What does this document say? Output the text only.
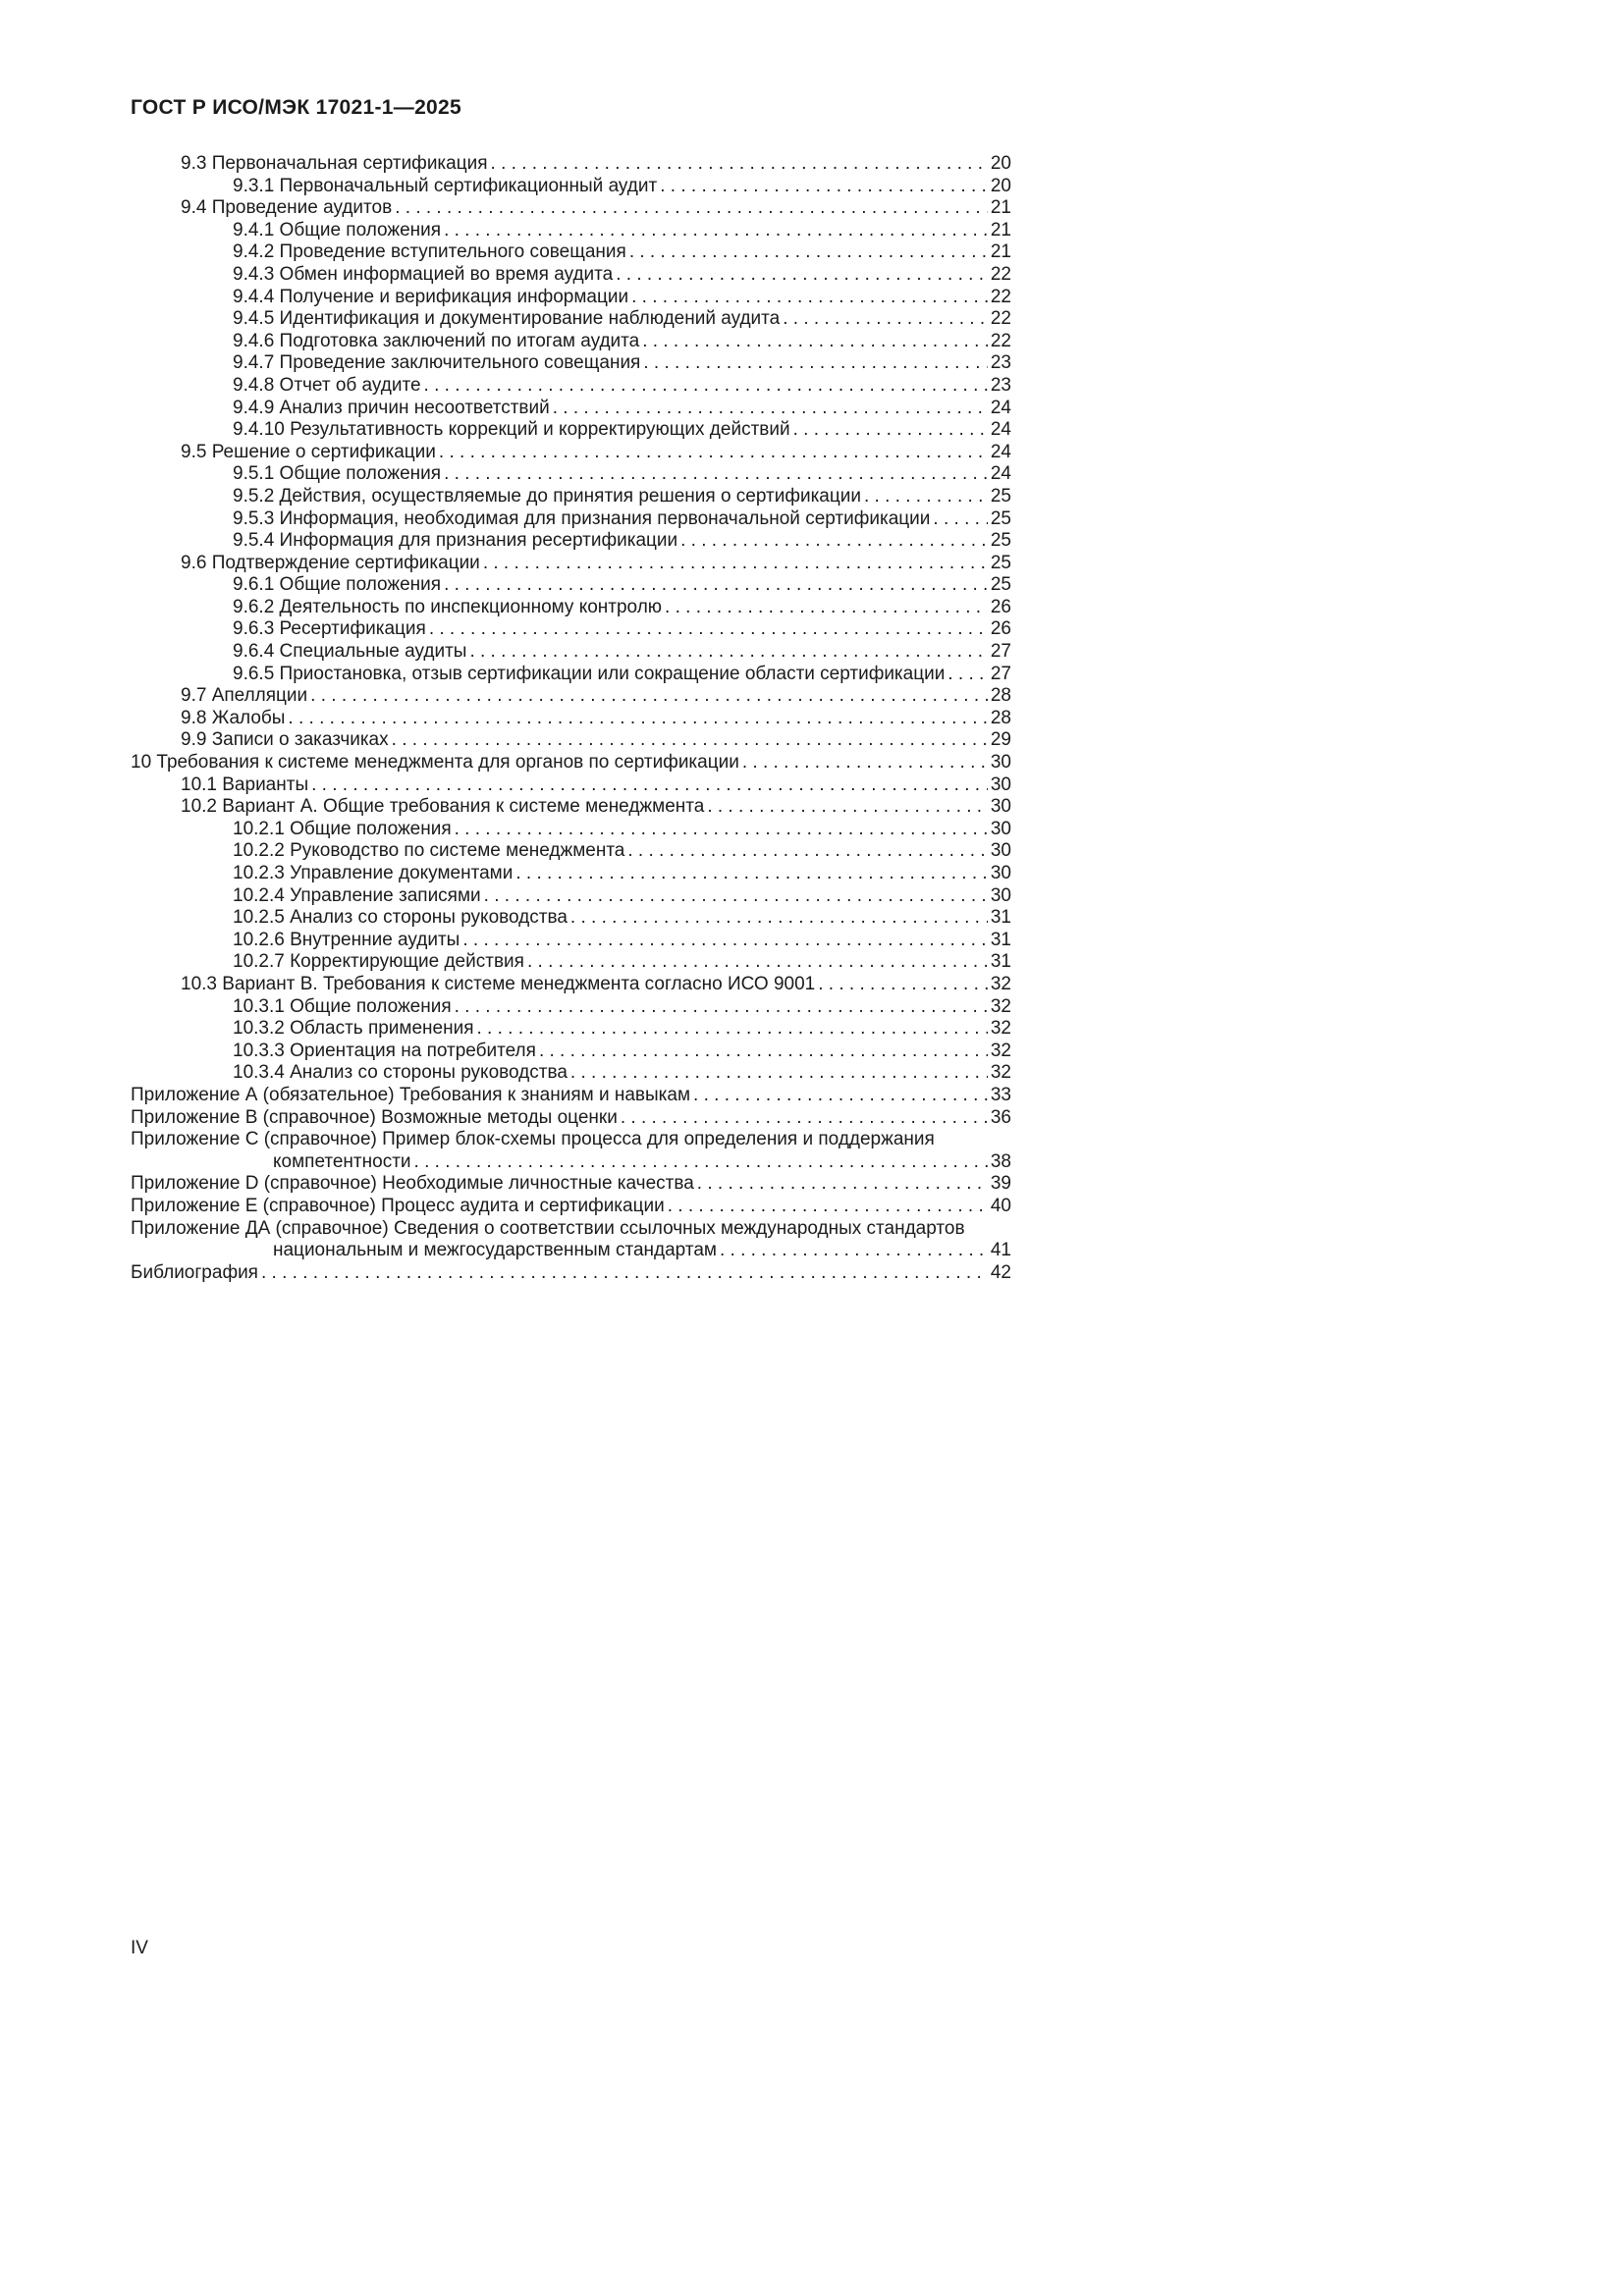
ГОСТ Р ИСО/МЭК 17021-1—2025
9.3 Первоначальная сертификация . . .	20
9.3.1 Первоначальный сертификационный аудит . . .	20
9.4 Проведение аудитов . . .	21
9.4.1 Общие положения . . .	21
9.4.2 Проведение вступительного совещания . . .	21
9.4.3 Обмен информацией во время аудита . . .	22
9.4.4 Получение и верификация информации . . .	22
9.4.5 Идентификация и документирование наблюдений аудита . . .	22
9.4.6 Подготовка заключений по итогам аудита . . .	22
9.4.7 Проведение заключительного совещания . . .	23
9.4.8 Отчет об аудите . . .	23
9.4.9 Анализ причин несоответствий . . .	24
9.4.10 Результативность коррекций и корректирующих действий . . .	24
9.5 Решение о сертификации . . .	24
9.5.1 Общие положения . . .	24
9.5.2 Действия, осуществляемые до принятия решения о сертификации . . .	25
9.5.3 Информация, необходимая для признания первоначальной сертификации . . .	25
9.5.4 Информация для признания ресертификации . . .	25
9.6 Подтверждение сертификации . . .	25
9.6.1 Общие положения . . .	25
9.6.2 Деятельность по инспекционному контролю . . .	26
9.6.3 Ресертификация . . .	26
9.6.4 Специальные аудиты . . .	27
9.6.5 Приостановка, отзыв сертификации или сокращение области сертификации . . . 27
9.7 Апелляции . . .	28
9.8 Жалобы . . .	28
9.9 Записи о заказчиках . . .	29
10 Требования к системе менеджмента для органов по сертификации . . .	30
10.1 Варианты . . .	30
10.2 Вариант А. Общие требования к системе менеджмента . . .	30
10.2.1 Общие положения . . .	30
10.2.2 Руководство по системе менеджмента . . .	30
10.2.3 Управление документами . . .	30
10.2.4 Управление записями . . .	30
10.2.5 Анализ со стороны руководства . . .	31
10.2.6 Внутренние аудиты . . .	31
10.2.7 Корректирующие действия . . .	31
10.3 Вариант В. Требования к системе менеджмента согласно ИСО 9001 . . .	32
10.3.1 Общие положения . . .	32
10.3.2 Область применения . . .	32
10.3.3 Ориентация на потребителя . . .	32
10.3.4 Анализ со стороны руководства . . .	32
Приложение А (обязательное) Требования к знаниям и навыкам . . .	33
Приложение В (справочное) Возможные методы оценки . . .	36
Приложение С (справочное) Пример блок-схемы процесса для определения и поддержания
компетентности . . .	38
Приложение D (справочное) Необходимые личностные качества . . .	39
Приложение Е (справочное) Процесс аудита и сертификации . . .	40
Приложение ДА (справочное) Сведения о соответствии ссылочных международных стандартов
национальным и межгосударственным стандартам . . .	41
Библиография . . .	42
IV
